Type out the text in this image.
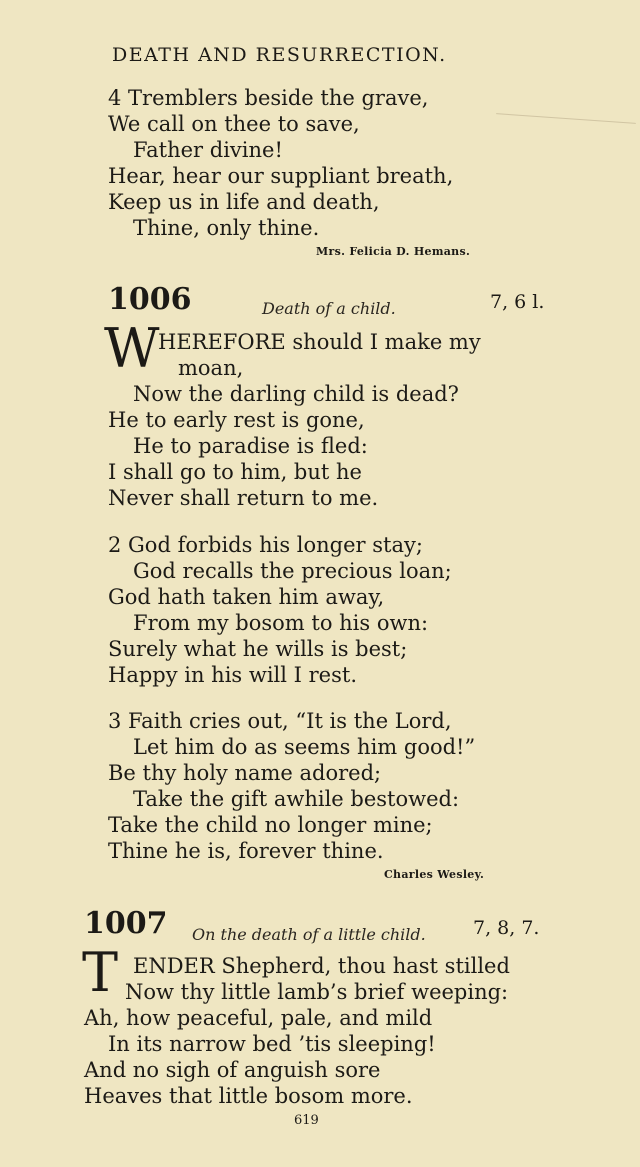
DEATH AND RESURRECTION.
4 Tremblers beside the grave,
We call on thee to save,
Father divine!
Hear, hear our suppliant breath,
Keep us in life and death,
Thine, only thine.
Mrs. Felicia D. Hemans.
1006	Death of a child.	7, 6 l.
W
HEREFORE should I make my
moan,
Now the darling child is dead?
He to early rest is gone,
He to paradise is fled:
I shall go to him, but he
Never shall return to me.
2 God forbids his longer stay;
God recalls the precious loan;
God hath taken him away,
From my bosom to his own:
Surely what he wills is best;
Happy in his will I rest.
3 Faith cries out, “It is the Lord,
Let him do as seems him good!”
Be thy holy name adored;
Take the gift awhile bestowed:
Take the child no longer mine;
Thine he is, forever thine.
Charles Wesley.
1007 On the death of a little child. 7, 8, 7.
T ENDER Shepherd, thou hast stilled
Now thy little lamb’s brief weeping:
Ah, how peaceful, pale, and mild
In its narrow bed ’tis sleeping!
And no sigh of anguish sore
Heaves that little bosom more.
619
